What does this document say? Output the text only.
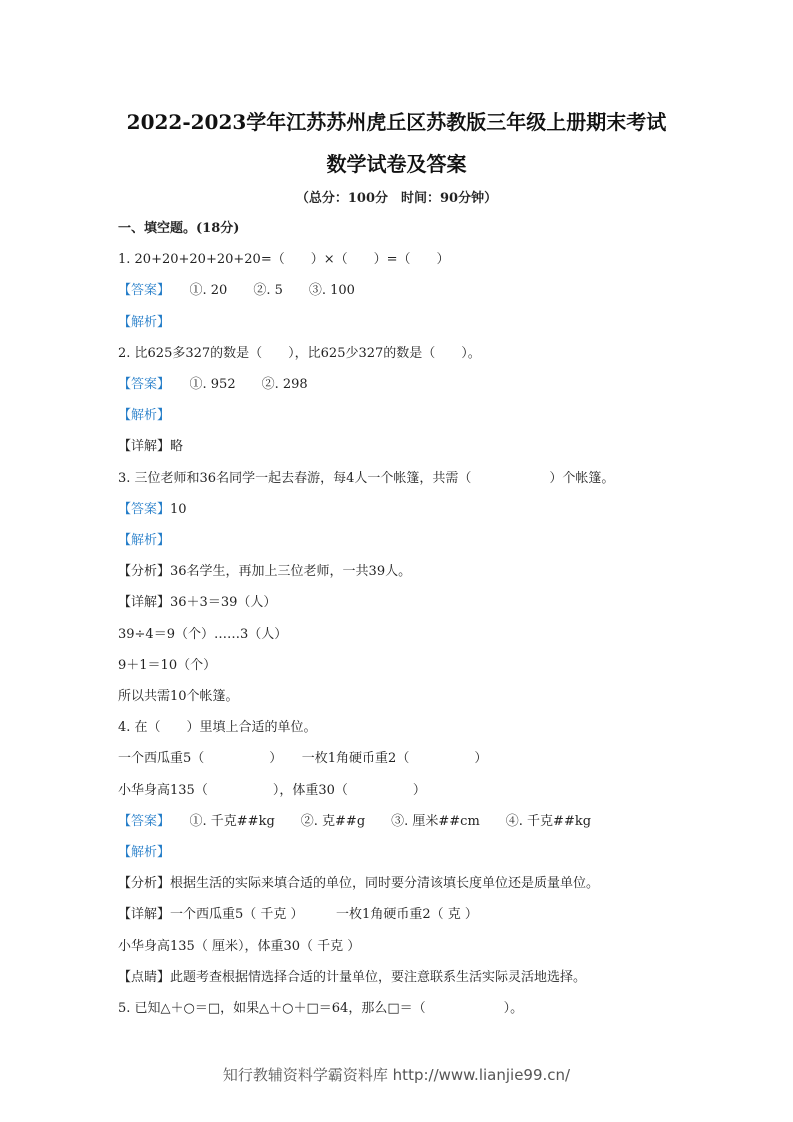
2022-2023学年江苏苏州虎丘区苏教版三年级上册期末考试
数学试卷及答案
（总分：100分　时间：90分钟）
一、填空题。(18分)
1. 20+20+20+20+20=（　　）×（　　）=（　　）
【答案】　　①. 20　　②. 5　　③. 100
【解析】
2. 比625多327的数是（　　），比625少327的数是（　　）。
【答案】　　①. 952　　②. 298
【解析】
【详解】略
3. 三位老师和36名同学一起去春游，每4人一个帐篷，共需（　　　　　　）个帐篷。
【答案】10
【解析】
【分析】36名学生，再加上三位老师，一共39人。
【详解】36＋3＝39（人）
39÷4＝9（个）……3（人）
9＋1＝10（个）
所以共需10个帐篷。
4. 在（　　）里填上合适的单位。
一个西瓜重5（　　　　　）　　一枚1角硬币重2（　　　　　）
小华身高135（　　　　　），体重30（　　　　　）
【答案】　　①. 千克##kg　　②. 克##g　　③. 厘米##cm　　④. 千克##kg
【解析】
【分析】根据生活的实际来填合适的单位，同时要分清该填长度单位还是质量单位。
【详解】一个西瓜重5（ 千克 ）　　　一枚1角硬币重2（ 克 ）
小华身高135（ 厘米），体重30（ 千克 ）
【点睛】此题考查根据情选择合适的计量单位，要注意联系生活实际灵活地选择。
5. 已知△＋○＝□，如果△＋○＋□＝64，那么□＝（　　　　　　）。
知行教辅资料学霸资料库 http://www.lianjie99.cn/
